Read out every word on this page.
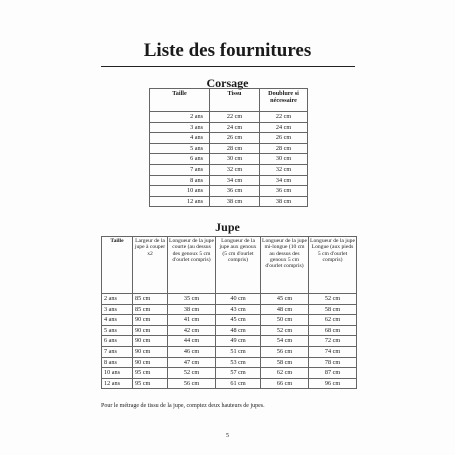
Liste des fournitures
Corsage
Taille	Tissu	Doublure si nécessaire
2 ans	22 cm	22 cm
3 ans	24 cm	24 cm
4 ans	26 cm	26 cm
5 ans	28 cm	28 cm
6 ans	30 cm	30 cm
7 ans	32 cm	32 cm
8 ans	34 cm	34 cm
10 ans	36 cm	36 cm
12 ans	38 cm	38 cm
Jupe
Taille	Largeur de la jupe à couper x2	Longueur de la jupe courte (au dessus des genoux 5 cm d'ourlet compris)	Longueur de la jupe aux genoux (5 cm d'ourlet compris)	Longueur de la jupe mi-longue (10 cm au dessus des genoux 5 cm d'ourlet compris)	Longueur de la jupe Longue (aux pieds 5 cm d'ourlet compris)
2 ans	85 cm	35 cm	40 cm	45 cm	52 cm
3 ans	85 cm	38 cm	43 cm	48 cm	58 cm
4 ans	90 cm	41 cm	45 cm	50 cm	62 cm
5 ans	90 cm	42 cm	48 cm	52 cm	68 cm
6 ans	90 cm	44 cm	49 cm	54 cm	72 cm
7 ans	90 cm	46 cm	51 cm	56 cm	74 cm
8 ans	90 cm	47 cm	53 cm	58 cm	78 cm
10 ans	95 cm	52 cm	57 cm	62 cm	87 cm
12 ans	95 cm	56 cm	61 cm	66 cm	96 cm
Pour le métrage de tissu de la jupe, comptez deux hauteurs de jupes.
5
